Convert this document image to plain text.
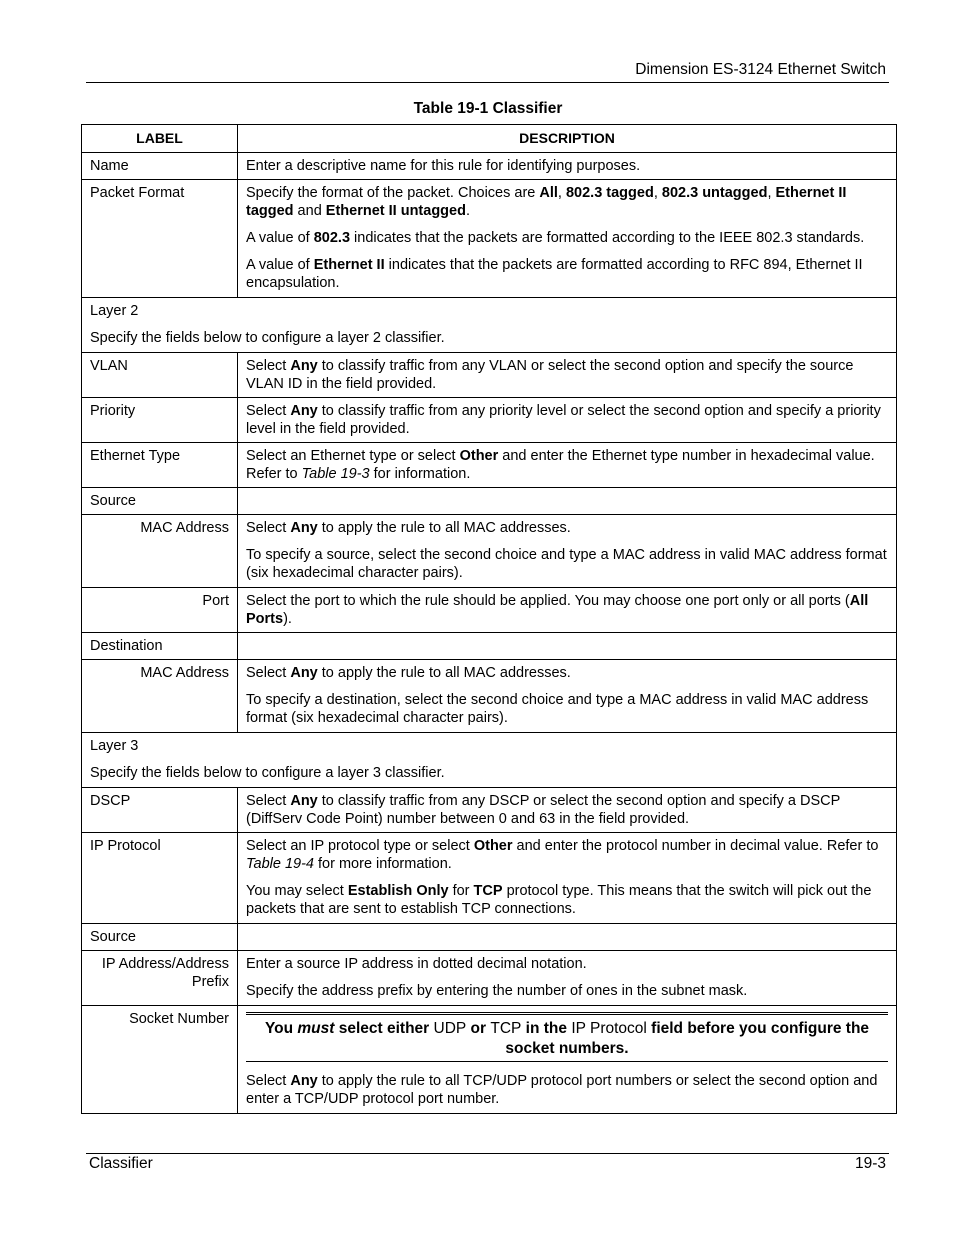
Dimension ES-3124 Ethernet Switch
Table 19-1 Classifier
LABEL	DESCRIPTION
Name	Enter a descriptive name for this rule for identifying purposes.
Packet Format	Specify the format of the packet. Choices are All, 802.3 tagged, 802.3 untagged, Ethernet II tagged and Ethernet II untagged.

A value of 802.3 indicates that the packets are formatted according to the IEEE 802.3 standards.

A value of Ethernet II indicates that the packets are formatted according to RFC 894, Ethernet II encapsulation.

Layer 2

Specify the fields below to configure a layer 2 classifier.	

VLAN	Select Any to classify traffic from any VLAN or select the second option and specify the source VLAN ID in the field provided.
Priority	Select Any to classify traffic from any priority level or select the second option and specify a priority level in the field provided.
Ethernet Type	Select an Ethernet type or select Other and enter the Ethernet type number in hexadecimal value. Refer to Table 19-3 for information.
Source	
MAC Address	Select Any to apply the rule to all MAC addresses.

To specify a source, select the second choice and type a MAC address in valid MAC address format (six hexadecimal character pairs).

Port	Select the port to which the rule should be applied. You may choose one port only or all ports (All Ports).
Destination	
MAC Address	Select Any to apply the rule to all MAC addresses.

To specify a destination, select the second choice and type a MAC address in valid MAC address format (six hexadecimal character pairs).

Layer 3

Specify the fields below to configure a layer 3 classifier.	

DSCP	Select Any to classify traffic from any DSCP or select the second option and specify a DSCP (DiffServ Code Point) number between 0 and 63 in the field provided.
IP Protocol	Select an IP protocol type or select Other and enter the protocol number in decimal value. Refer to Table 19-4 for more information.

You may select Establish Only for TCP protocol type. This means that the switch will pick out the packets that are sent to establish TCP connections.

Source	
IP Address/Address Prefix	Enter a source IP address in dotted decimal notation.

Specify the address prefix by entering the number of ones in the subnet mask.

Socket Number	You must select either UDP or TCP in the IP Protocol field before you configure the socket numbers.

Select Any to apply the rule to all TCP/UDP protocol port numbers or select the second option and enter a TCP/UDP protocol port number.

Classifier	19-3
